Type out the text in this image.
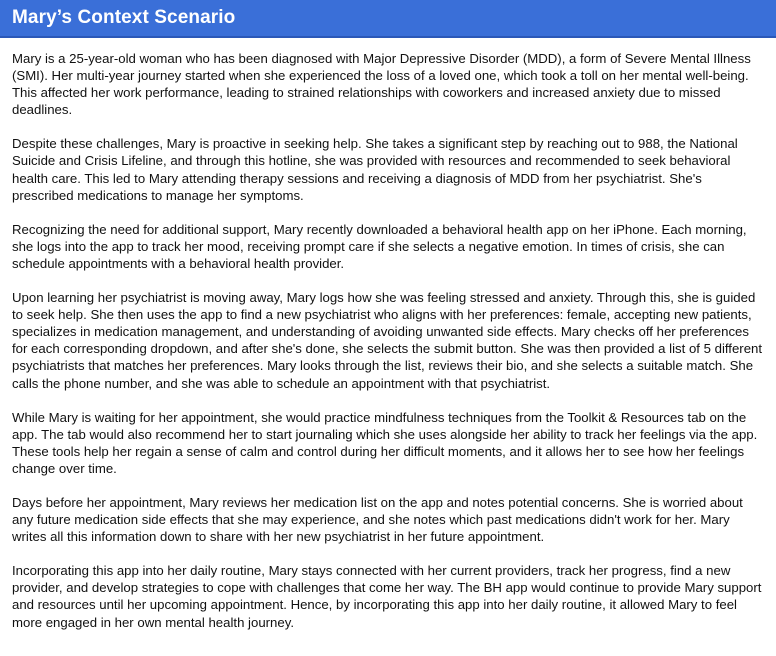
Mary’s Context Scenario

Mary is a 25-year-old woman who has been diagnosed with Major Depressive Disorder (MDD), a form of Severe Mental Illness (SMI). Her multi-year journey started when she experienced the loss of a loved one, which took a toll on her mental well-being. This affected her work performance, leading to strained relationships with coworkers and increased anxiety due to missed deadlines.

Despite these challenges, Mary is proactive in seeking help. She takes a significant step by reaching out to 988, the National Suicide and Crisis Lifeline, and through this hotline, she was provided with resources and recommended to seek behavioral health care. This led to Mary attending therapy sessions and receiving a diagnosis of MDD from her psychiatrist. She's prescribed medications to manage her symptoms.

Recognizing the need for additional support, Mary recently downloaded a behavioral health app on her iPhone. Each morning, she logs into the app to track her mood, receiving prompt care if she selects a negative emotion. In times of crisis, she can schedule appointments with a behavioral health provider.

Upon learning her psychiatrist is moving away, Mary logs how she was feeling stressed and anxiety. Through this, she is guided to seek help. She then uses the app to find a new psychiatrist who aligns with her preferences: female, accepting new patients, specializes in medication management, and understanding of avoiding unwanted side effects. Mary checks off her preferences for each corresponding dropdown, and after she's done, she selects the submit button. She was then provided a list of 5 different psychiatrists that matches her preferences. Mary looks through the list, reviews their bio, and she selects a suitable match. She calls the phone number, and she was able to schedule an appointment with that psychiatrist.

While Mary is waiting for her appointment, she would practice mindfulness techniques from the Toolkit & Resources tab on the app. The tab would also recommend her to start journaling which she uses alongside her ability to track her feelings via the app. These tools help her regain a sense of calm and control during her difficult moments, and it allows her to see how her feelings change over time.

Days before her appointment, Mary reviews her medication list on the app and notes potential concerns. She is worried about any future medication side effects that she may experience, and she notes which past medications didn't work for her. Mary writes all this information down to share with her new psychiatrist in her future appointment.

Incorporating this app into her daily routine, Mary stays connected with her current providers, track her progress, find a new provider, and develop strategies to cope with challenges that come her way. The BH app would continue to provide Mary support and resources until her upcoming appointment. Hence, by incorporating this app into her daily routine, it allowed Mary to feel more engaged in her own mental health journey.
